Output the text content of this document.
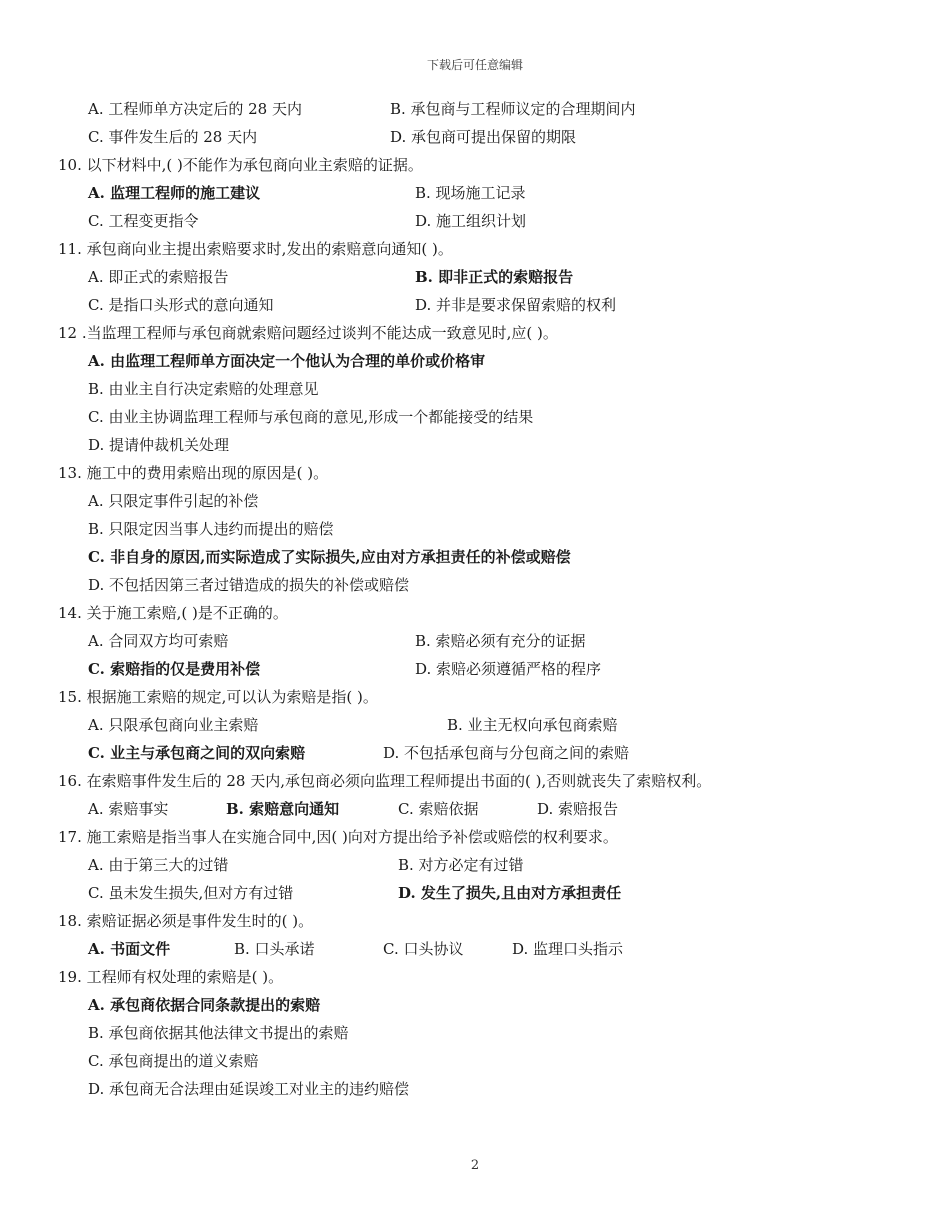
下载后可任意编辑
A. 工程师单方决定后的 28 天内	B. 承包商与工程师议定的合理期间内
C. 事件发生后的 28 天内	D. 承包商可提出保留的期限
10. 以下材料中,( )不能作为承包商向业主索赔的证据。
A. 监理工程师的施工建议	B. 现场施工记录
C. 工程变更指令	D. 施工组织计划
11. 承包商向业主提出索赔要求时,发出的索赔意向通知( )。
A. 即正式的索赔报告	B. 即非正式的索赔报告
C. 是指口头形式的意向通知	D. 并非是要求保留索赔的权利
12 .当监理工程师与承包商就索赔问题经过谈判不能达成一致意见时,应( )。
A. 由监理工程师单方面决定一个他认为合理的单价或价格审
B. 由业主自行决定索赔的处理意见
C. 由业主协调监理工程师与承包商的意见,形成一个都能接受的结果
D. 提请仲裁机关处理
13. 施工中的费用索赔出现的原因是( )。
A. 只限定事件引起的补偿
B. 只限定因当事人违约而提出的赔偿
C. 非自身的原因,而实际造成了实际损失,应由对方承担责任的补偿或赔偿
D. 不包括因第三者过错造成的损失的补偿或赔偿
14. 关于施工索赔,( )是不正确的。
A. 合同双方均可索赔	B. 索赔必须有充分的证据
C. 索赔指的仅是费用补偿	D. 索赔必须遵循严格的程序
15. 根据施工索赔的规定,可以认为索赔是指( )。
A. 只限承包商向业主索赔	B. 业主无权向承包商索赔
C. 业主与承包商之间的双向索赔	D. 不包括承包商与分包商之间的索赔
16. 在索赔事件发生后的 28 天内,承包商必须向监理工程师提出书面的( ),否则就丧失了索赔权利。
A. 索赔事实	B. 索赔意向通知	C. 索赔依据	D. 索赔报告
17. 施工索赔是指当事人在实施合同中,因( )向对方提出给予补偿或赔偿的权利要求。
A. 由于第三大的过错	B. 对方必定有过错
C. 虽未发生损失,但对方有过错	D. 发生了损失,且由对方承担责任
18. 索赔证据必须是事件发生时的( )。
A. 书面文件	B. 口头承诺	C. 口头协议	D. 监理口头指示
19. 工程师有权处理的索赔是( )。
A. 承包商依据合同条款提出的索赔
B. 承包商依据其他法律文书提出的索赔
C. 承包商提出的道义索赔
D. 承包商无合法理由延误竣工对业主的违约赔偿
2
